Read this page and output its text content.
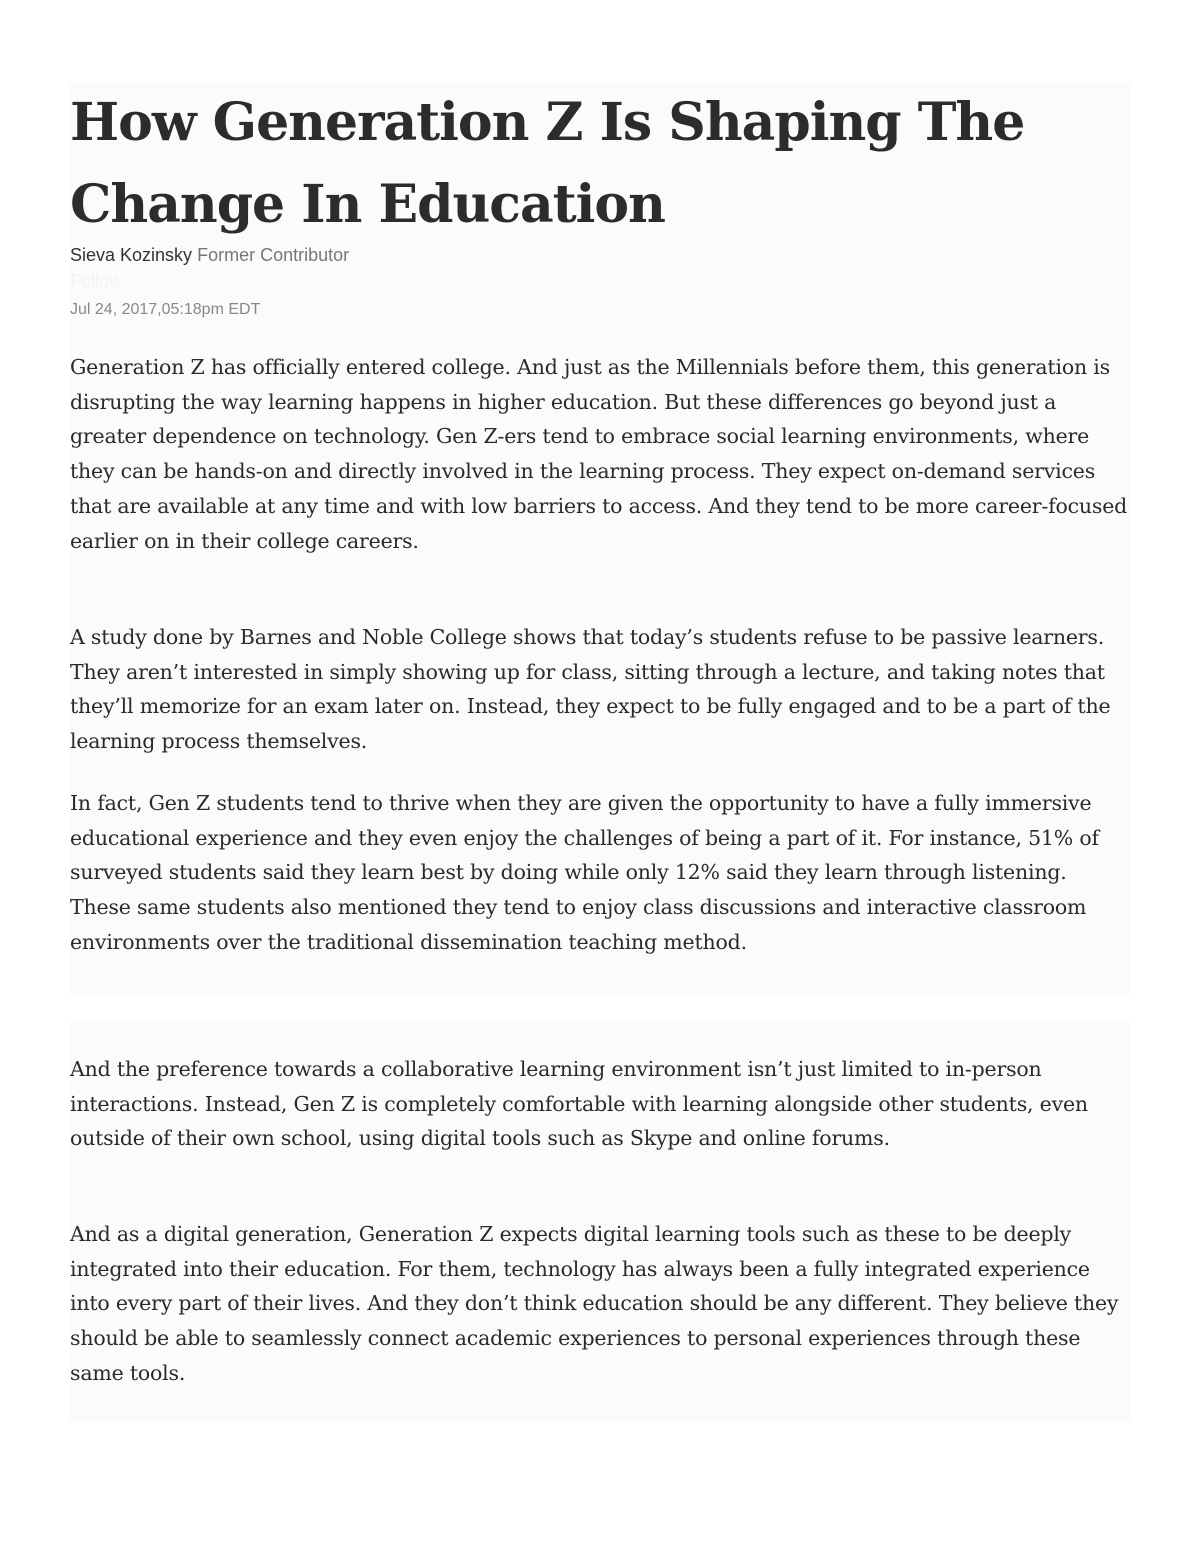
How Generation Z Is Shaping The Change In Education
Sieva Kozinsky Former Contributor
Follow
Jul 24, 2017,05:18pm EDT

Generation Z has officially entered college. And just as the Millennials before them, this generation is disrupting the way learning happens in higher education. But these differences go beyond just a greater dependence on technology. Gen Z-ers tend to embrace social learning environments, where they can be hands-on and directly involved in the learning process. They expect on-demand services that are available at any time and with low barriers to access. And they tend to be more career-focused earlier on in their college careers.

A study done by Barnes and Noble College shows that today’s students refuse to be passive learners. They aren’t interested in simply showing up for class, sitting through a lecture, and taking notes that they’ll memorize for an exam later on. Instead, they expect to be fully engaged and to be a part of the learning process themselves.

In fact, Gen Z students tend to thrive when they are given the opportunity to have a fully immersive educational experience and they even enjoy the challenges of being a part of it. For instance, 51% of surveyed students said they learn best by doing while only 12% said they learn through listening. These same students also mentioned they tend to enjoy class discussions and interactive classroom environments over the traditional dissemination teaching method.

And the preference towards a collaborative learning environment isn’t just limited to in-person interactions. Instead, Gen Z is completely comfortable with learning alongside other students, even outside of their own school, using digital tools such as Skype and online forums.

And as a digital generation, Generation Z expects digital learning tools such as these to be deeply integrated into their education. For them, technology has always been a fully integrated experience into every part of their lives. And they don’t think education should be any different. They believe they should be able to seamlessly connect academic experiences to personal experiences through these same tools.
